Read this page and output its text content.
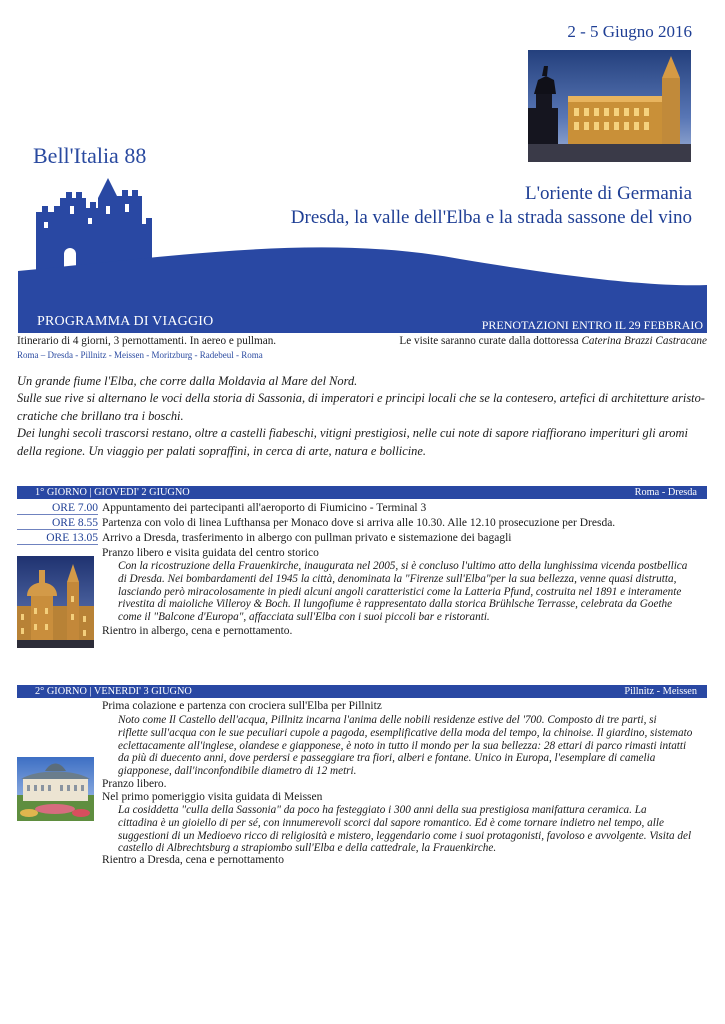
2 - 5 Giugno 2016
Bell'Italia 88
L'oriente di Germania
Dresda, la valle dell'Elba e la strada sassone del vino
PROGRAMMA DI VIAGGIO	PRENOTAZIONI ENTRO IL 29 FEBBRAIO
Itinerario di 4 giorni, 3 pernottamenti. In aereo e pullman.
Roma – Dresda - Pillnitz - Meissen - Moritzburg - Radebeul - Roma
Le visite saranno curate dalla dottoressa Caterina Brazzi Castracane
Un grande fiume l'Elba, che corre dalla Moldavia al Mare del Nord.
Sulle sue rive si alternano le voci della storia di Sassonia, di imperatori e principi locali che se la contesero, artefici di architetture aristo-
cratiche che brillano tra i boschi.
Dei lunghi secoli trascorsi restano, oltre a castelli fiabeschi, vitigni prestigiosi, nelle cui note di sapore riaffiorano imperituri gli aromi
della regione. Un viaggio per palati sopraffini, in cerca di arte, natura e bollicine.
1° GIORNO | GIOVEDI' 2 GIUGNO	Roma - Dresda
ORE 7.00 Appuntamento dei partecipanti all'aeroporto di Fiumicino - Terminal 3
ORE 8.55 Partenza con volo di linea Lufthansa per Monaco dove si arriva alle 10.30. Alle 12.10 prosecuzione per Dresda.
ORE 13.05 Arrivo a Dresda, trasferimento in albergo con pullman privato e sistemazione dei bagagli
Pranzo libero e visita guidata del centro storico
Con la ricostruzione della Frauenkirche, inaugurata nel 2005, si è concluso l'ultimo atto della lunghissima vicenda postbellica
di Dresda. Nei bombardamenti del 1945 la città, denominata la "Firenze sull'Elba"per la sua bellezza, venne quasi distrutta,
lasciando però miracolosamente in piedi alcuni angoli caratteristici come la Latteria Pfund, costruita nel 1891 e interamente
rivestita di maioliche Villeroy & Boch. Il lungofiume è rappresentato dalla storica Brühlsche Terrasse, celebrata da Goethe
come il "Balcone d'Europa", affacciata sull'Elba con i suoi piccoli bar e ristoranti.
Rientro in albergo, cena e pernottamento.
2° GIORNO | VENERDI' 3 GIUGNO	Pillnitz - Meissen
Prima colazione e partenza con crociera sull'Elba per Pillnitz
Noto come Il Castello dell'acqua, Pillnitz incarna l'anima delle nobili residenze estive del '700. Composto di tre parti, si
riflette sull'acqua con le sue peculiari cupole a pagoda, esemplificative della moda del tempo, la chinoise. Il giardino, sistemato
eclettacamente all'inglese, olandese e giapponese, è noto in tutto il mondo per la sua bellezza: 28 ettari di parco rimasti intatti
da più di duecento anni, dove perdersi e passeggiare tra fiori, alberi e fontane. Unico in Europa, l'esemplare di camelia
giapponese, dall'inconfondibile diametro di 12 metri.
Pranzo libero.
Nel primo pomeriggio visita guidata di Meissen
La cosiddetta "culla della Sassonia" da poco ha festeggiato i 300 anni della sua prestigiosa manifattura ceramica. La
cittadina è un gioiello di per sé, con innumerevoli scorci dal sapore romantico. Ed è come tornare indietro nel tempo, alle
suggestioni di un Medioevo ricco di religiosità e mistero, leggendario come i suoi protagonisti, favoloso e avvolgente. Visita del
castello di Albrechtsburg a strapiombo sull'Elba e della cattedrale, la Frauenkirche.
Rientro a Dresda, cena e pernottamento
